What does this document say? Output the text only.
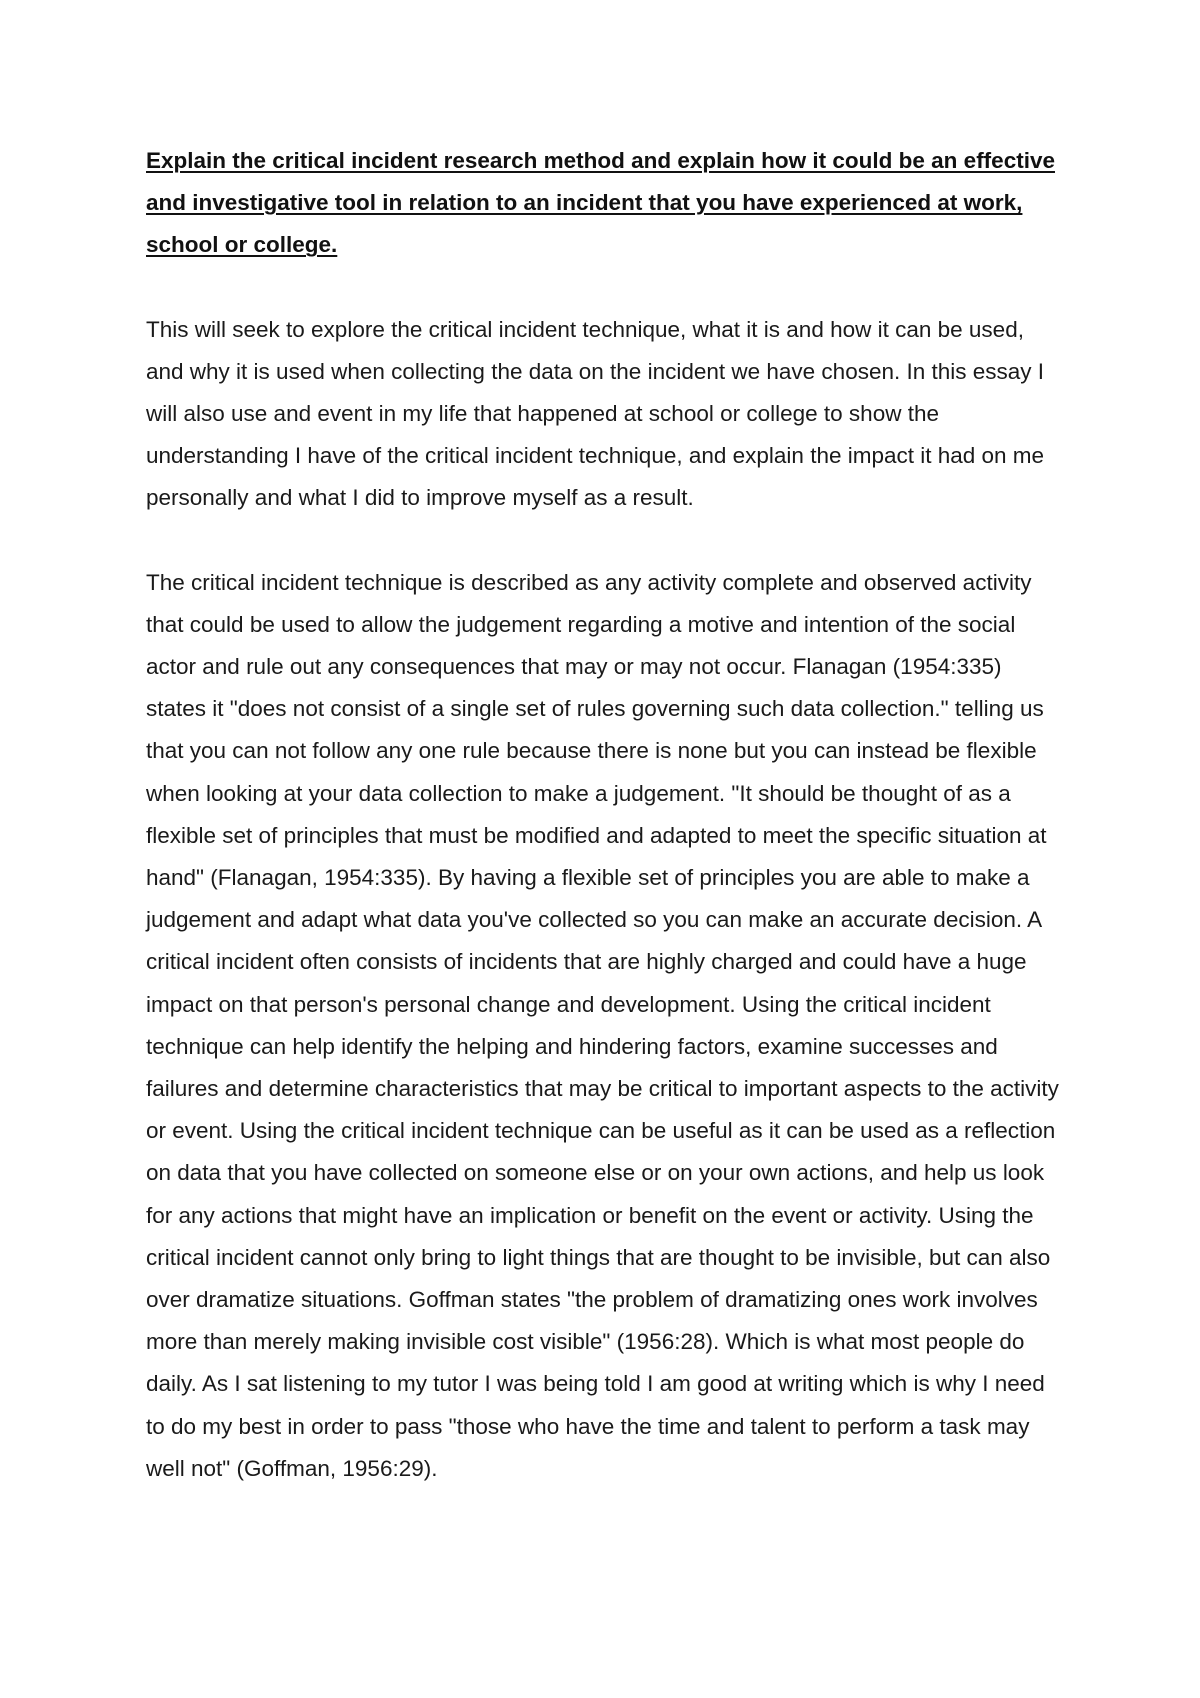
Explain the critical incident research method and explain how it could be an effective and investigative tool in relation to an incident that you have experienced at work, school or college.

This will seek to explore the critical incident technique, what it is and how it can be used, and why it is used when collecting the data on the incident we have chosen. In this essay I will also use and event in my life that happened at school or college to show the understanding I have of the critical incident technique, and explain the impact it had on me personally and what I did to improve myself as a result.

The critical incident technique is described as any activity complete and observed activity that could be used to allow the judgement regarding a motive and intention of the social actor and rule out any consequences that may or may not occur. Flanagan (1954:335) states it "does not consist of a single set of rules governing such data collection." telling us that you can not follow any one rule because there is none but you can instead be flexible when looking at your data collection to make a judgement. "It should be thought of as a flexible set of principles that must be modified and adapted to meet the specific situation at hand" (Flanagan, 1954:335). By having a flexible set of principles you are able to make a judgement and adapt what data you've collected so you can make an accurate decision. A critical incident often consists of incidents that are highly charged and could have a huge impact on that person's personal change and development. Using the critical incident technique can help identify the helping and hindering factors, examine successes and failures and determine characteristics that may be critical to important aspects to the activity or event. Using the critical incident technique can be useful as it can be used as a reflection on data that you have collected on someone else or on your own actions, and help us look for any actions that might have an implication or benefit on the event or activity. Using the critical incident cannot only bring to light things that are thought to be invisible, but can also over dramatize situations. Goffman states "the problem of dramatizing ones work involves more than merely making invisible cost visible" (1956:28). Which is what most people do daily. As I sat listening to my tutor I was being told I am good at writing which is why I need to do my best in order to pass "those who have the time and talent to perform a task may well not" (Goffman, 1956:29).
